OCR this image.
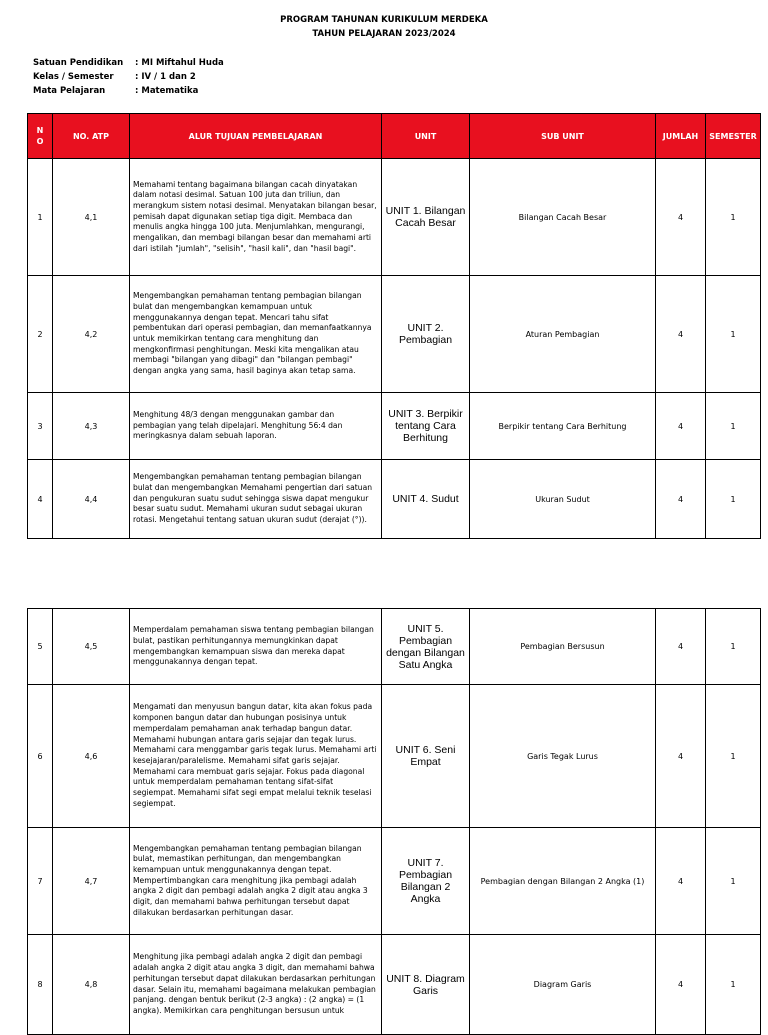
PROGRAM TAHUNAN KURIKULUM MERDEKA
TAHUN PELAJARAN 2023/2024
Satuan Pendidikan	: MI Miftahul Huda
Kelas / Semester	: IV / 1 dan 2
Mata Pelajaran	: Matematika
N O	NO. ATP	ALUR TUJUAN PEMBELAJARAN	UNIT	SUB UNIT	JUMLAH	SEMESTER
1	4,1	Memahami tentang bagaimana bilangan cacah dinyatakan dalam notasi desimal. Satuan 100 juta dan triliun, dan merangkum sistem notasi desimal. Menyatakan bilangan besar, pemisah dapat digunakan setiap tiga digit. Membaca dan menulis angka hingga 100 juta. Menjumlahkan, mengurangi, mengalikan, dan membagi bilangan besar dan memahami arti dari istilah "jumlah", "selisih", "hasil kali", dan "hasil bagi".	UNIT 1. Bilangan Cacah Besar	Bilangan Cacah Besar	4	1
2	4,2	Mengembangkan pemahaman tentang pembagian bilangan bulat dan mengembangkan kemampuan untuk menggunakannya dengan tepat. Mencari tahu sifat pembentukan dari operasi pembagian, dan memanfaatkannya untuk memikirkan tentang cara menghitung dan mengkonfirmasi penghitungan. Meski kita mengalikan atau membagi "bilangan yang dibagi" dan "bilangan pembagi" dengan angka yang sama, hasil baginya akan tetap sama.	UNIT 2. Pembagian	Aturan Pembagian	4	1
3	4,3	Menghitung 48/3 dengan menggunakan gambar dan pembagian yang telah dipelajari. Menghitung 56:4 dan meringkasnya dalam sebuah laporan.	UNIT 3. Berpikir tentang Cara Berhitung	Berpikir tentang Cara Berhitung	4	1
4	4,4	Mengembangkan pemahaman tentang pembagian bilangan bulat dan mengembangkan Memahami pengertian dari satuan dan pengukuran suatu sudut sehingga siswa dapat mengukur besar suatu sudut. Memahami ukuran sudut sebagai ukuran rotasi. Mengetahui tentang satuan ukuran sudut (derajat (°)).	UNIT 4. Sudut	Ukuran Sudut	4	1
5	4,5	Memperdalam pemahaman siswa tentang pembagian bilangan bulat, pastikan perhitungannya memungkinkan dapat mengembangkan kemampuan siswa dan mereka dapat menggunakannya dengan tepat.	UNIT 5. Pembagian dengan Bilangan Satu Angka	Pembagian Bersusun	4	1
6	4,6	Mengamati dan menyusun bangun datar, kita akan fokus pada komponen bangun datar dan hubungan posisinya untuk memperdalam pemahaman anak terhadap bangun datar. Memahami hubungan antara garis sejajar dan tegak lurus. Memahami cara menggambar garis tegak lurus. Memahami arti kesejajaran/paralelisme. Memahami sifat garis sejajar. Memahami cara membuat garis sejajar. Fokus pada diagonal untuk memperdalam pemahaman tentang sifat-sifat segiempat. Memahami sifat segi empat melalui teknik teselasi segiempat.	UNIT 6. Seni Empat	Garis Tegak Lurus	4	1
7	4,7	Mengembangkan pemahaman tentang pembagian bilangan bulat, memastikan perhitungan, dan mengembangkan kemampuan untuk menggunakannya dengan tepat. Mempertimbangkan cara menghitung jika pembagi adalah angka 2 digit dan pembagi adalah angka 2 digit atau angka 3 digit, dan memahami bahwa perhitungan tersebut dapat dilakukan berdasarkan perhitungan dasar.	UNIT 7. Pembagian Bilangan 2 Angka	Pembagian dengan Bilangan 2 Angka (1)	4	1
8	4,8	Menghitung jika pembagi adalah angka 2 digit dan pembagi adalah angka 2 digit atau angka 3 digit, dan memahami bahwa perhitungan tersebut dapat dilakukan berdasarkan perhitungan dasar. Selain itu, memahami bagaimana melakukan pembagian panjang. dengan bentuk berikut (2-3 angka) : (2 angka) = (1 angka). Memikirkan cara penghitungan bersusun untuk	UNIT 8. Diagram Garis	Diagram Garis	4	1
